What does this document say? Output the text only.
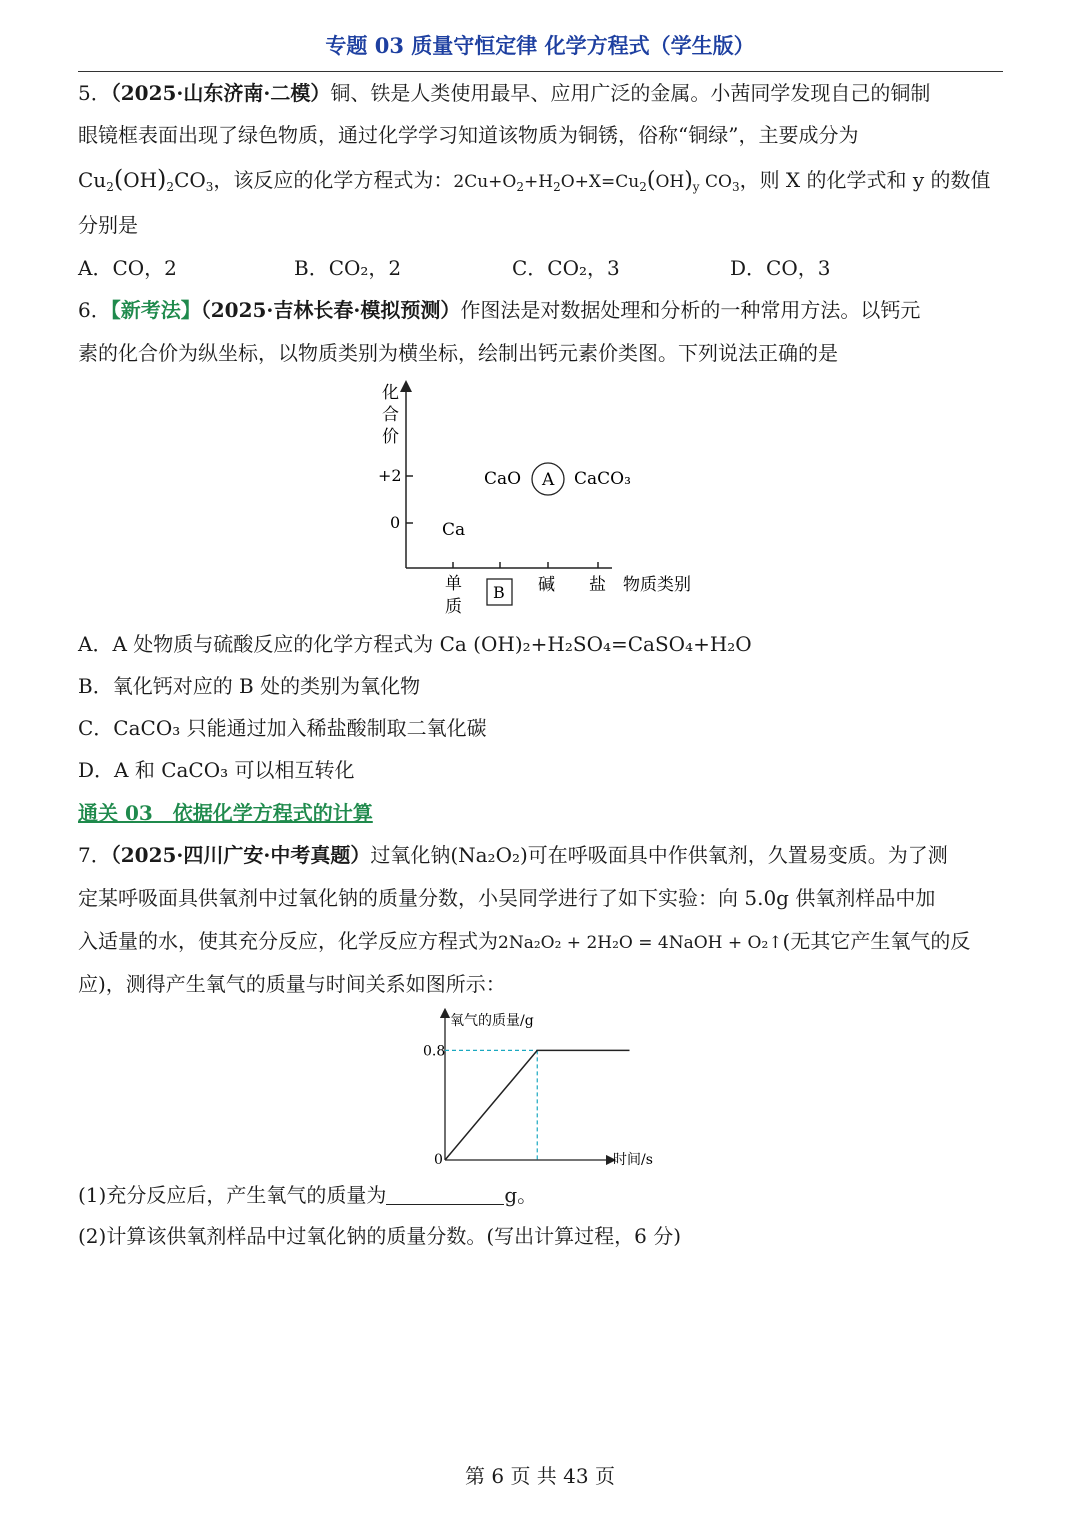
专题 03 质量守恒定律 化学方程式（学生版）
5．（2025·山东济南·二模）铜、铁是人类使用最早、应用广泛的金属。小茜同学发现自己的铜制
眼镜框表面出现了绿色物质，通过化学学习知道该物质为铜锈，俗称“铜绿”，主要成分为
$Cu_2(OH)_2CO_3$，该反应的化学方程式为：$2Cu+O_2+H_2O+X=Cu_2(OH)_y$ $CO_3$，则 X 的化学式和 y 的数值
分别是
A．CO，2	B．CO₂，2	C．CO₂，3	D．CO，3
6．【新考法】（2025·吉林长春·模拟预测）作图法是对数据处理和分析的一种常用方法。以钙元
素的化合价为纵坐标，以物质类别为横坐标，绘制出钙元素价类图。下列说法正确的是
化
合
价
+2
0
单
质
B 碱 盐 物质类别
CaO A CaCO₃
Ca
A．A 处物质与硫酸反应的化学方程式为 Ca (OH)₂+H₂SO₄=CaSO₄+H₂O
B．氧化钙对应的 B 处的类别为氧化物
C．CaCO₃ 只能通过加入稀盐酸制取二氧化碳
D．A 和 CaCO₃ 可以相互转化
通关 03　依据化学方程式的计算
7．（2025·四川广安·中考真题）过氧化钠(Na₂O₂)可在呼吸面具中作供氧剂，久置易变质。为了测
定某呼吸面具供氧剂中过氧化钠的质量分数，小吴同学进行了如下实验：向 5.0g 供氧剂样品中加
入适量的水，使其充分反应，化学反应方程式为2Na₂O₂ + 2H₂O = 4NaOH + O₂↑(无其它产生氧气的反
应)，测得产生氧气的质量与时间关系如图所示：
氧气的质量/g
时间/s
0
0.8
(1)充分反应后，产生氧气的质量为	g。
(2)计算该供氧剂样品中过氧化钠的质量分数。(写出计算过程，6 分)
第 6 页 共 43 页
